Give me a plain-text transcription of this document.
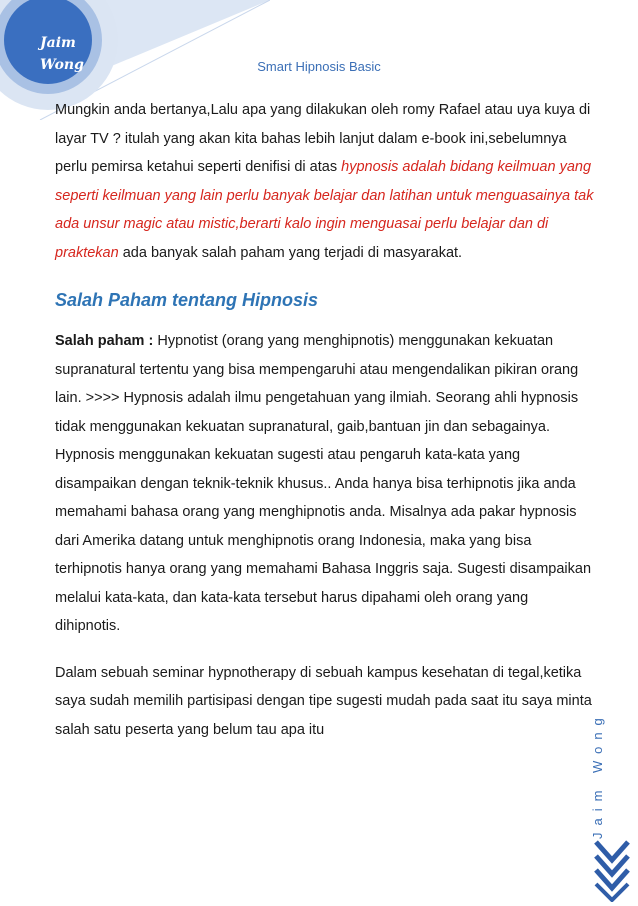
Jaim
Wong	Smart Hipnosis Basic

Mungkin anda bertanya,Lalu apa yang dilakukan oleh romy Rafael atau uya kuya di layar TV ? itulah yang akan kita bahas lebih lanjut dalam e-book ini,sebelumnya perlu pemirsa ketahui seperti denifisi di atas hypnosis adalah bidang keilmuan yang seperti keilmuan yang lain perlu banyak belajar dan latihan untuk menguasainya tak ada unsur magic atau mistic,berarti kalo ingin menguasai perlu belajar dan di praktekan ada banyak salah paham yang terjadi di masyarakat.

Salah Paham tentang Hipnosis

Salah paham : Hypnotist (orang yang menghipnotis) menggunakan kekuatan supranatural tertentu yang bisa mempengaruhi atau mengendalikan pikiran orang lain. >>>> Hypnosis adalah ilmu pengetahuan yang ilmiah. Seorang ahli hypnosis tidak menggunakan kekuatan supranatural, gaib,bantuan jin dan sebagainya. Hypnosis menggunakan kekuatan sugesti atau pengaruh kata-kata yang disampaikan dengan teknik-teknik khusus.. Anda hanya bisa terhipnotis jika anda memahami bahasa orang yang menghipnotis anda. Misalnya ada pakar hypnosis dari Amerika datang untuk menghipnotis orang Indonesia, maka yang bisa terhipnotis hanya orang yang memahami Bahasa Inggris saja. Sugesti disampaikan melalui kata-kata, dan kata-kata tersebut harus dipahami oleh orang yang dihipnotis.

Dalam sebuah seminar hypnotherapy di sebuah kampus kesehatan di tegal,ketika saya sudah memilih partisipasi dengan tipe sugesti mudah pada saat itu saya minta salah satu peserta yang belum tau apa itu	Jaim Wong
